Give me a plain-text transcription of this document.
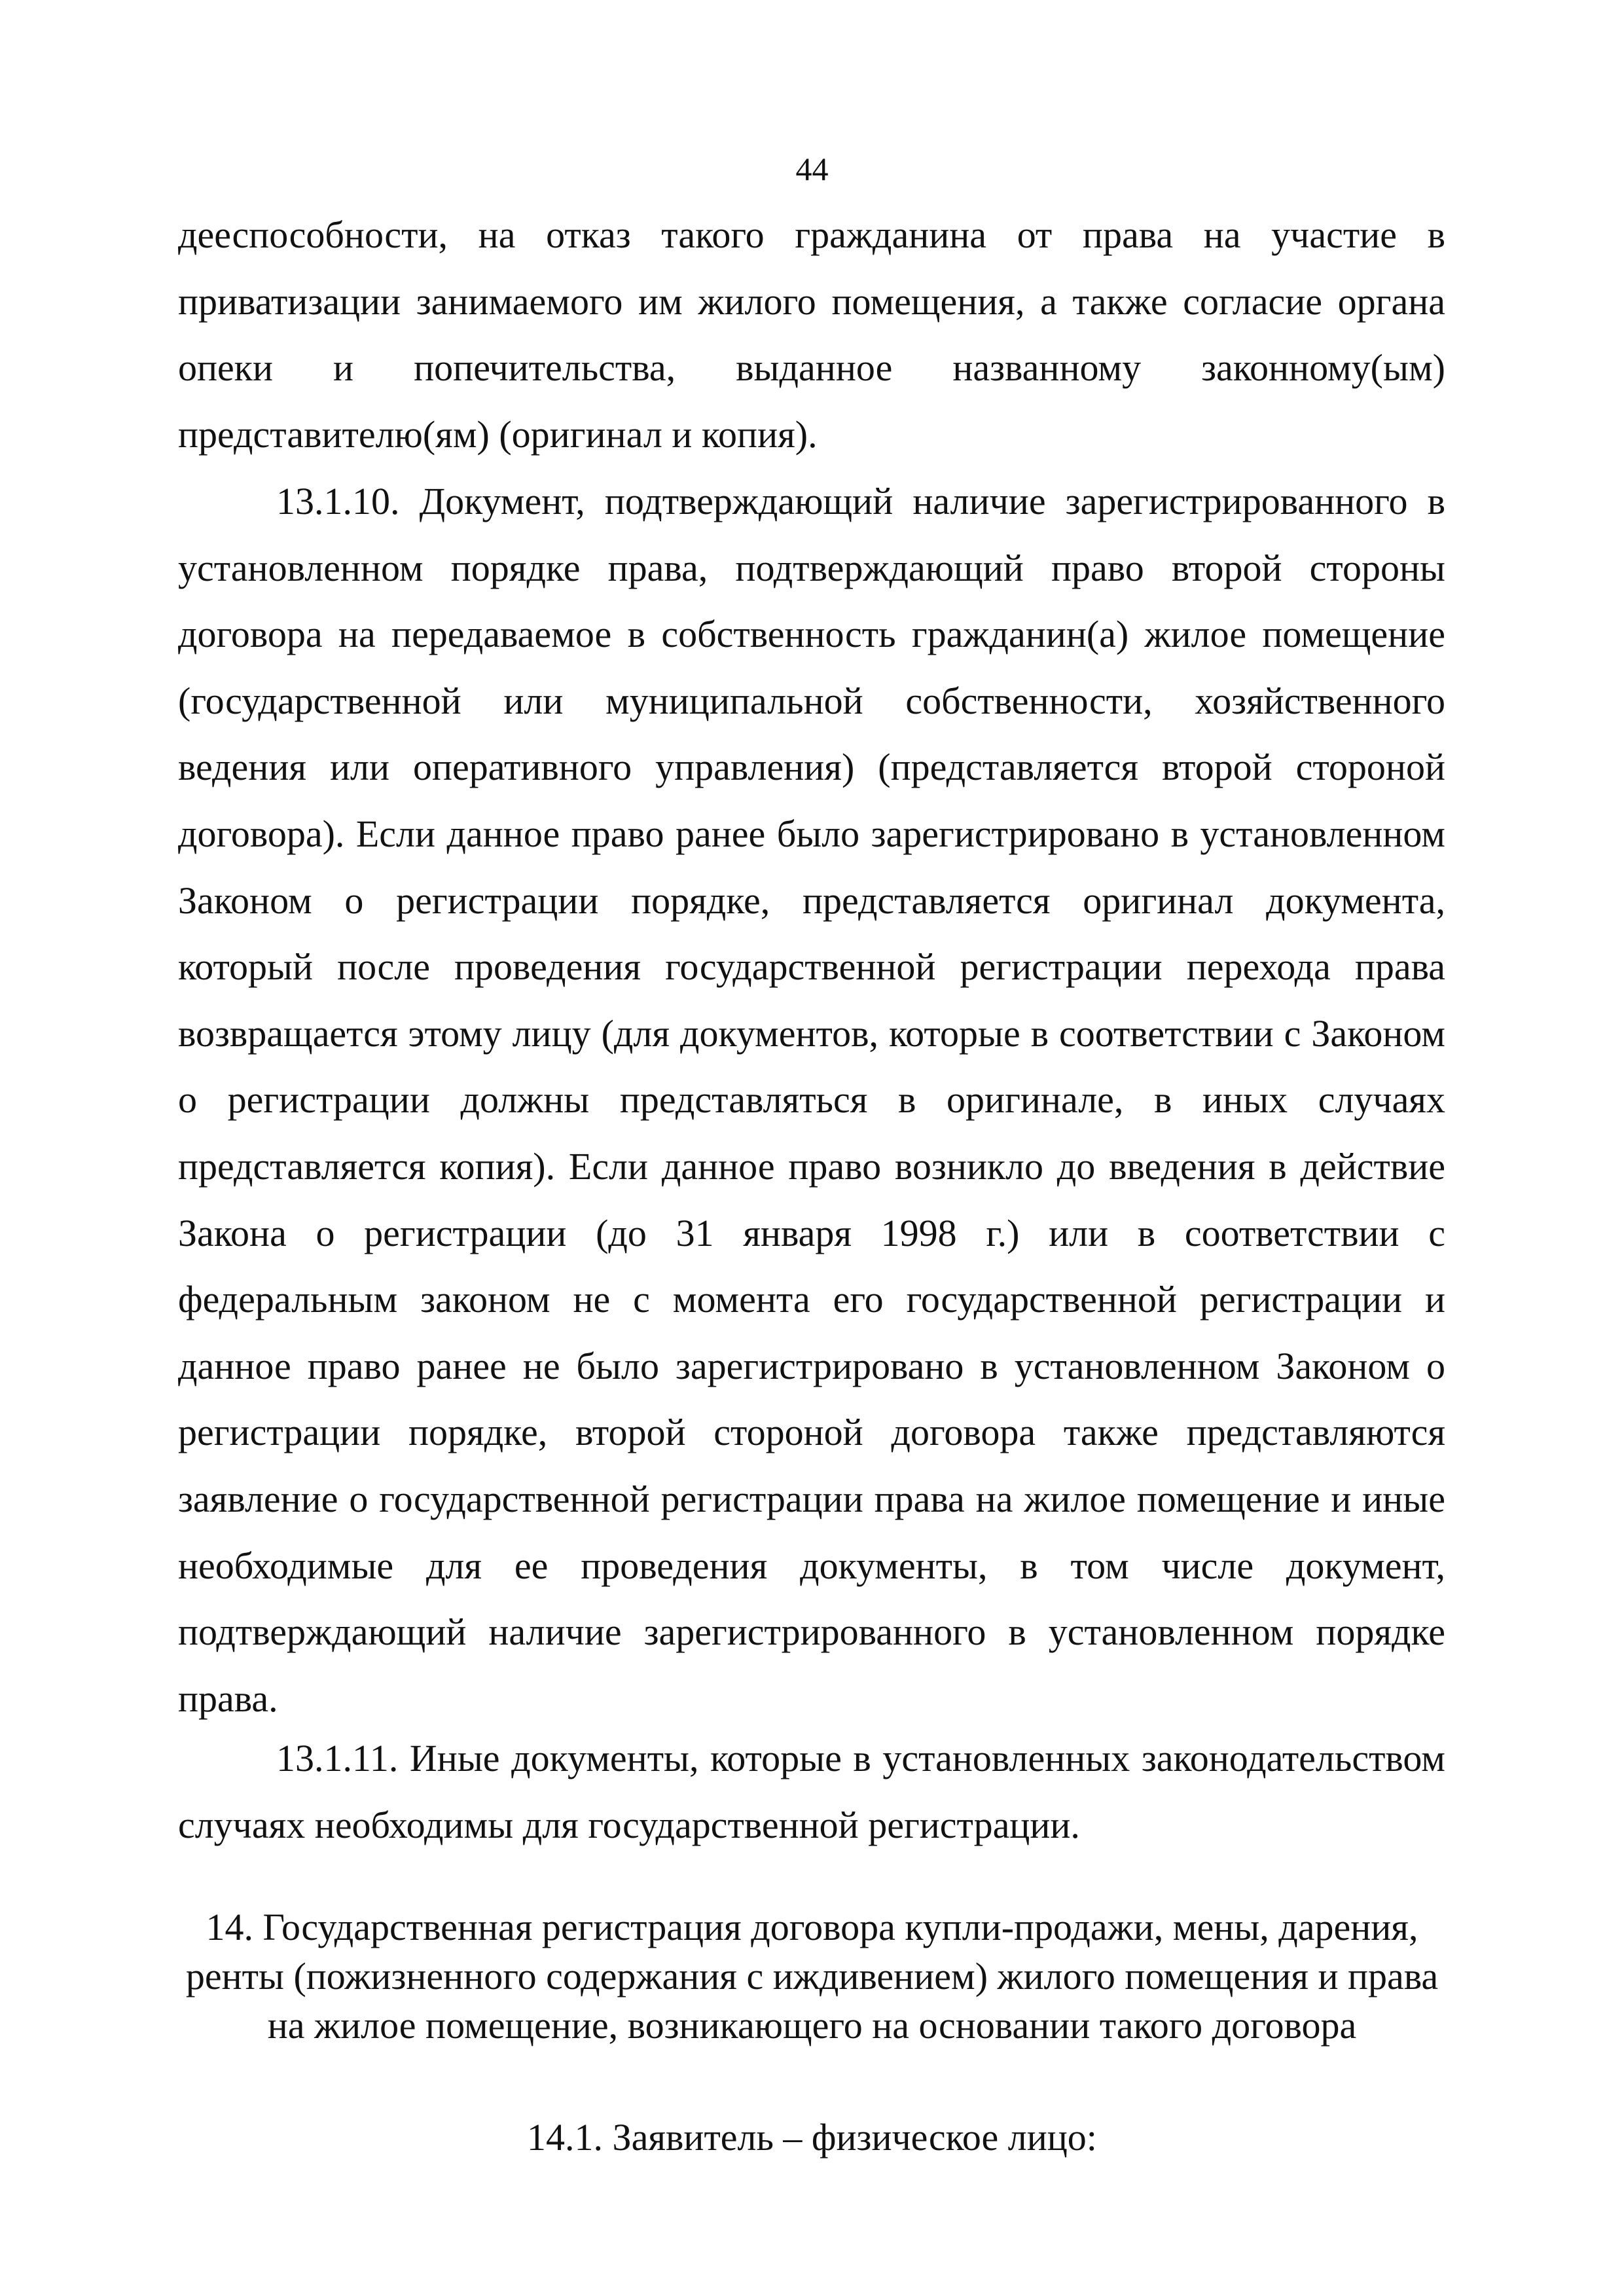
44

дееспособности, на отказ такого гражданина от права на участие в приватизации занимаемого им жилого помещения, а также согласие органа опеки и попечительства, выданное названному законному(ым) представителю(ям) (оригинал и копия).

13.1.10. Документ, подтверждающий наличие зарегистрированного в установленном порядке права, подтверждающий право второй стороны договора на передаваемое в собственность гражданин(а) жилое помещение (государственной или муниципальной собственности, хозяйственного ведения или оперативного управления) (представляется второй стороной договора). Если данное право ранее было зарегистрировано в установленном Законом о регистрации порядке, представляется оригинал документа, который после проведения государственной регистрации перехода права возвращается этому лицу (для документов, которые в соответствии с Законом о регистрации должны представляться в оригинале, в иных случаях представляется копия). Если данное право возникло до введения в действие Закона о регистрации (до 31 января 1998 г.) или в соответствии с федеральным законом не с момента его государственной регистрации и данное право ранее не было зарегистрировано в установленном Законом о регистрации порядке, второй стороной договора также представляются заявление о государственной регистрации права на жилое помещение и иные необходимые для ее проведения документы, в том числе документ, подтверждающий наличие зарегистрированного в установленном порядке права.

13.1.11. Иные документы, которые в установленных законодательством случаях необходимы для государственной регистрации.

14. Государственная регистрация договора купли-продажи, мены, дарения, ренты (пожизненного содержания с иждивением) жилого помещения и права на жилое помещение, возникающего на основании такого договора
14.1. Заявитель – физическое лицо:
